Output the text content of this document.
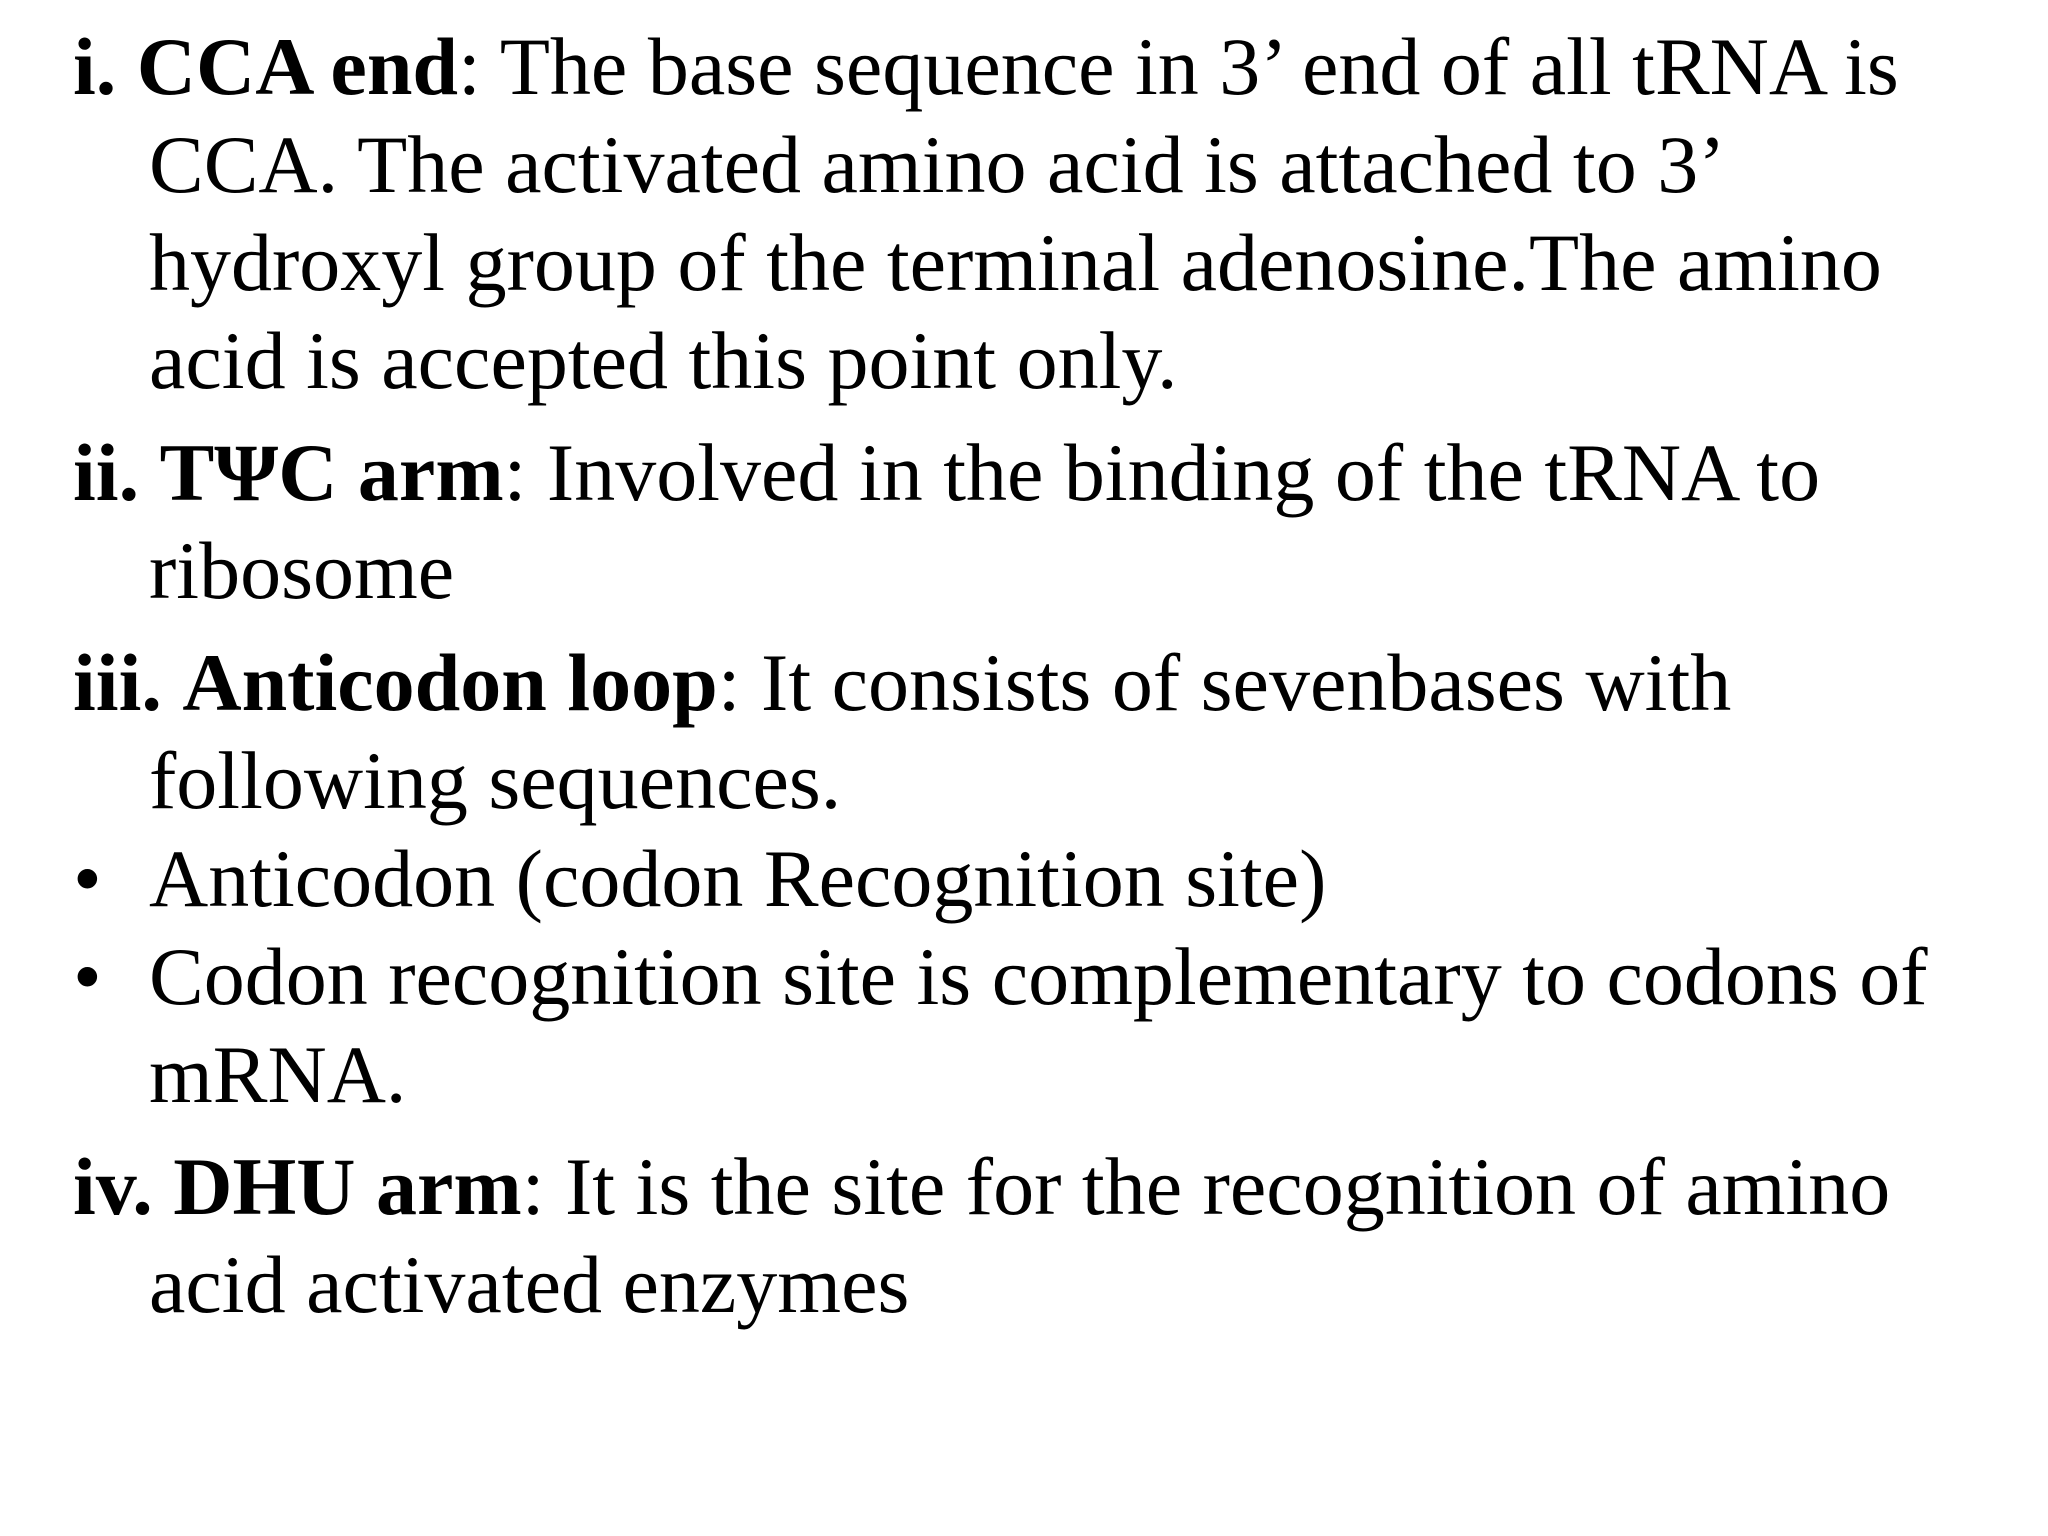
i. CCA end: The base sequence in 3’ end of all tRNA is CCA. The activated amino acid is attached to 3’ hydroxyl group of the terminal adenosine.The amino acid is accepted this point only.

ii. TΨC arm: Involved in the binding of the tRNA to ribosome

iii. Anticodon loop: It consists of sevenbases with following sequences.

• Anticodon (codon Recognition site)

• Codon recognition site is complementary to codons of mRNA.

iv. DHU arm: It is the site for the recognition of amino acid activated enzymes
